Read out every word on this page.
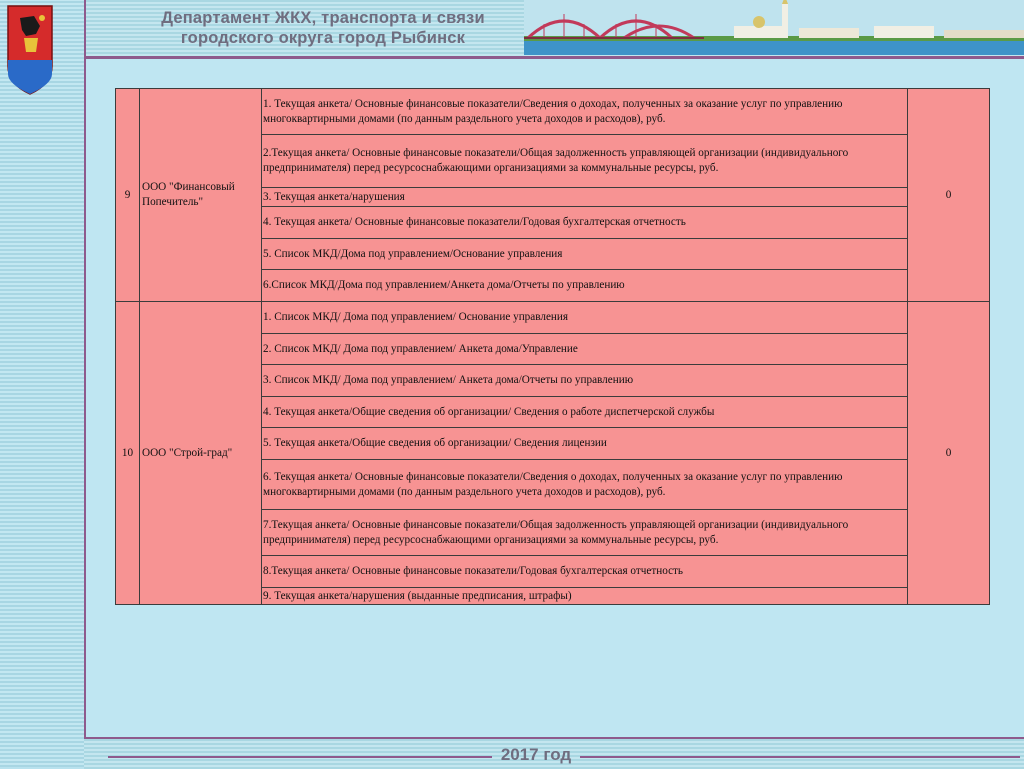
Департамент ЖКХ, транспорта и связи
городского округа город Рыбинск
9	ООО "Финансовый Попечитель"	1. Текущая анкета/ Основные финансовые показатели/Сведения о доходах, полученных за оказание услуг по управлению многоквартирными домами (по данным раздельного учета доходов и расходов), руб.	0
		2.Текущая анкета/ Основные финансовые показатели/Общая задолженность управляющей организации (индивидуального предпринимателя) перед ресурсоснабжающими организациями за коммунальные ресурсы, руб.	
		3. Текущая анкета/нарушения	
		4. Текущая анкета/ Основные финансовые показатели/Годовая бухгалтерская отчетность	
		5. Список МКД/Дома под управлением/Основание управления	
		6.Список МКД/Дома под управлением/Анкета дома/Отчеты по управлению	
10	ООО "Строй-град"	1. Список МКД/ Дома под управлением/ Основание управления	0
		2. Список МКД/ Дома под управлением/ Анкета дома/Управление	
		3. Список МКД/ Дома под управлением/ Анкета дома/Отчеты по управлению	
		4. Текущая анкета/Общие сведения об организации/ Сведения о работе диспетчерской службы	
		5. Текущая анкета/Общие сведения об организации/ Сведения лицензии	
		6. Текущая анкета/ Основные финансовые показатели/Сведения о доходах, полученных за оказание услуг по управлению многоквартирными домами (по данным раздельного учета доходов и расходов), руб.	
		7.Текущая анкета/ Основные финансовые показатели/Общая задолженность управляющей организации (индивидуального предпринимателя) перед ресурсоснабжающими организациями за коммунальные ресурсы, руб.	
		8.Текущая анкета/ Основные финансовые показатели/Годовая бухгалтерская отчетность	
		9. Текущая анкета/нарушения (выданные предписания, штрафы)	
2017 год
